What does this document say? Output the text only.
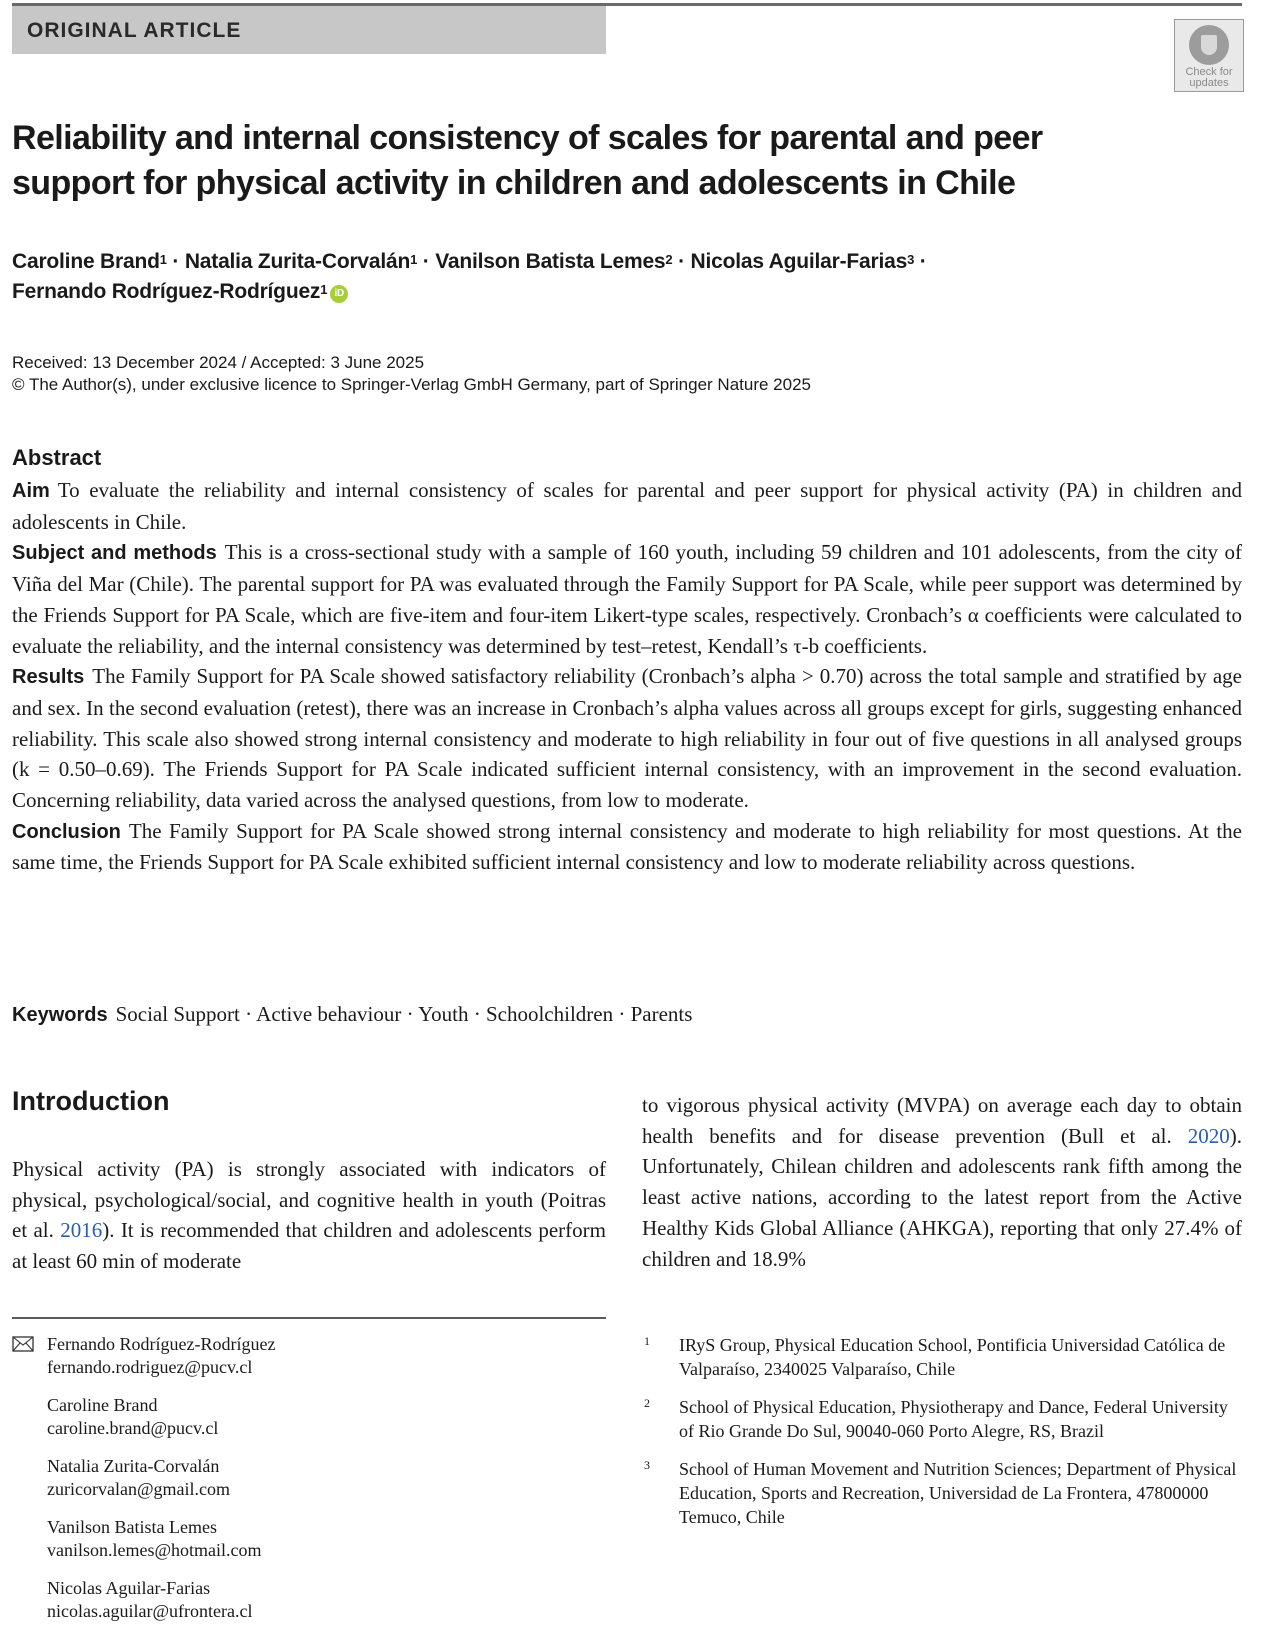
ORIGINAL ARTICLE
Check for updates
Reliability and internal consistency of scales for parental and peer support for physical activity in children and adolescents in Chile
Caroline Brand$^1$ · Natalia Zurita-Corvalán$^1$ · Vanilson Batista Lemes$^2$ · Nicolas Aguilar-Farias$^3$ ·
Fernando Rodríguez-Rodríguez$^1$ iD
Received: 13 December 2024 / Accepted: 3 June 2025
© The Author(s), under exclusive licence to Springer-Verlag GmbH Germany, part of Springer Nature 2025
Abstract

Aim To evaluate the reliability and internal consistency of scales for parental and peer support for physical activity (PA) in children and adolescents in Chile.

Subject and methods This is a cross-sectional study with a sample of 160 youth, including 59 children and 101 adolescents, from the city of Viña del Mar (Chile). The parental support for PA was evaluated through the Family Support for PA Scale, while peer support was determined by the Friends Support for PA Scale, which are five-item and four-item Likert-type scales, respectively. Cronbach’s α coefficients were calculated to evaluate the reliability, and the internal consistency was determined by test–retest, Kendall’s τ-b coefficients.

Results The Family Support for PA Scale showed satisfactory reliability (Cronbach’s alpha > 0.70) across the total sample and stratified by age and sex. In the second evaluation (retest), there was an increase in Cronbach’s alpha values across all groups except for girls, suggesting enhanced reliability. This scale also showed strong internal consistency and moderate to high reliability in four out of five questions in all analysed groups (k = 0.50–0.69). The Friends Support for PA Scale indicated sufficient internal consistency, with an improvement in the second evaluation. Concerning reliability, data varied across the analysed questions, from low to moderate.

Conclusion The Family Support for PA Scale showed strong internal consistency and moderate to high reliability for most questions. At the same time, the Friends Support for PA Scale exhibited sufficient internal consistency and low to moderate reliability across questions.

Keywords Social Support · Active behaviour · Youth · Schoolchildren · Parents
Introduction
Physical activity (PA) is strongly associated with indicators of physical, psychological/social, and cognitive health in youth (Poitras et al. 2016). It is recommended that children and adolescents perform at least 60 min of moderate
to vigorous physical activity (MVPA) on average each day to obtain health benefits and for disease prevention (Bull et al. 2020). Unfortunately, Chilean children and adolescents rank fifth among the least active nations, according to the latest report from the Active Healthy Kids Global Alliance (AHKGA), reporting that only 27.4% of children and 18.9%
Fernando Rodríguez-Rodríguez
fernando.rodriguez@pucv.cl
Caroline Brand
caroline.brand@pucv.cl
Natalia Zurita-Corvalán
zuricorvalan@gmail.com
Vanilson Batista Lemes
vanilson.lemes@hotmail.com
Nicolas Aguilar-Farias
nicolas.aguilar@ufrontera.cl
1 IRyS Group, Physical Education School, Pontificia Universidad Católica de Valparaíso, 2340025 Valparaíso, Chile
2 School of Physical Education, Physiotherapy and Dance, Federal University of Rio Grande Do Sul, 90040-060 Porto Alegre, RS, Brazil
3 School of Human Movement and Nutrition Sciences; Department of Physical Education, Sports and Recreation, Universidad de La Frontera, 47800000 Temuco, Chile
